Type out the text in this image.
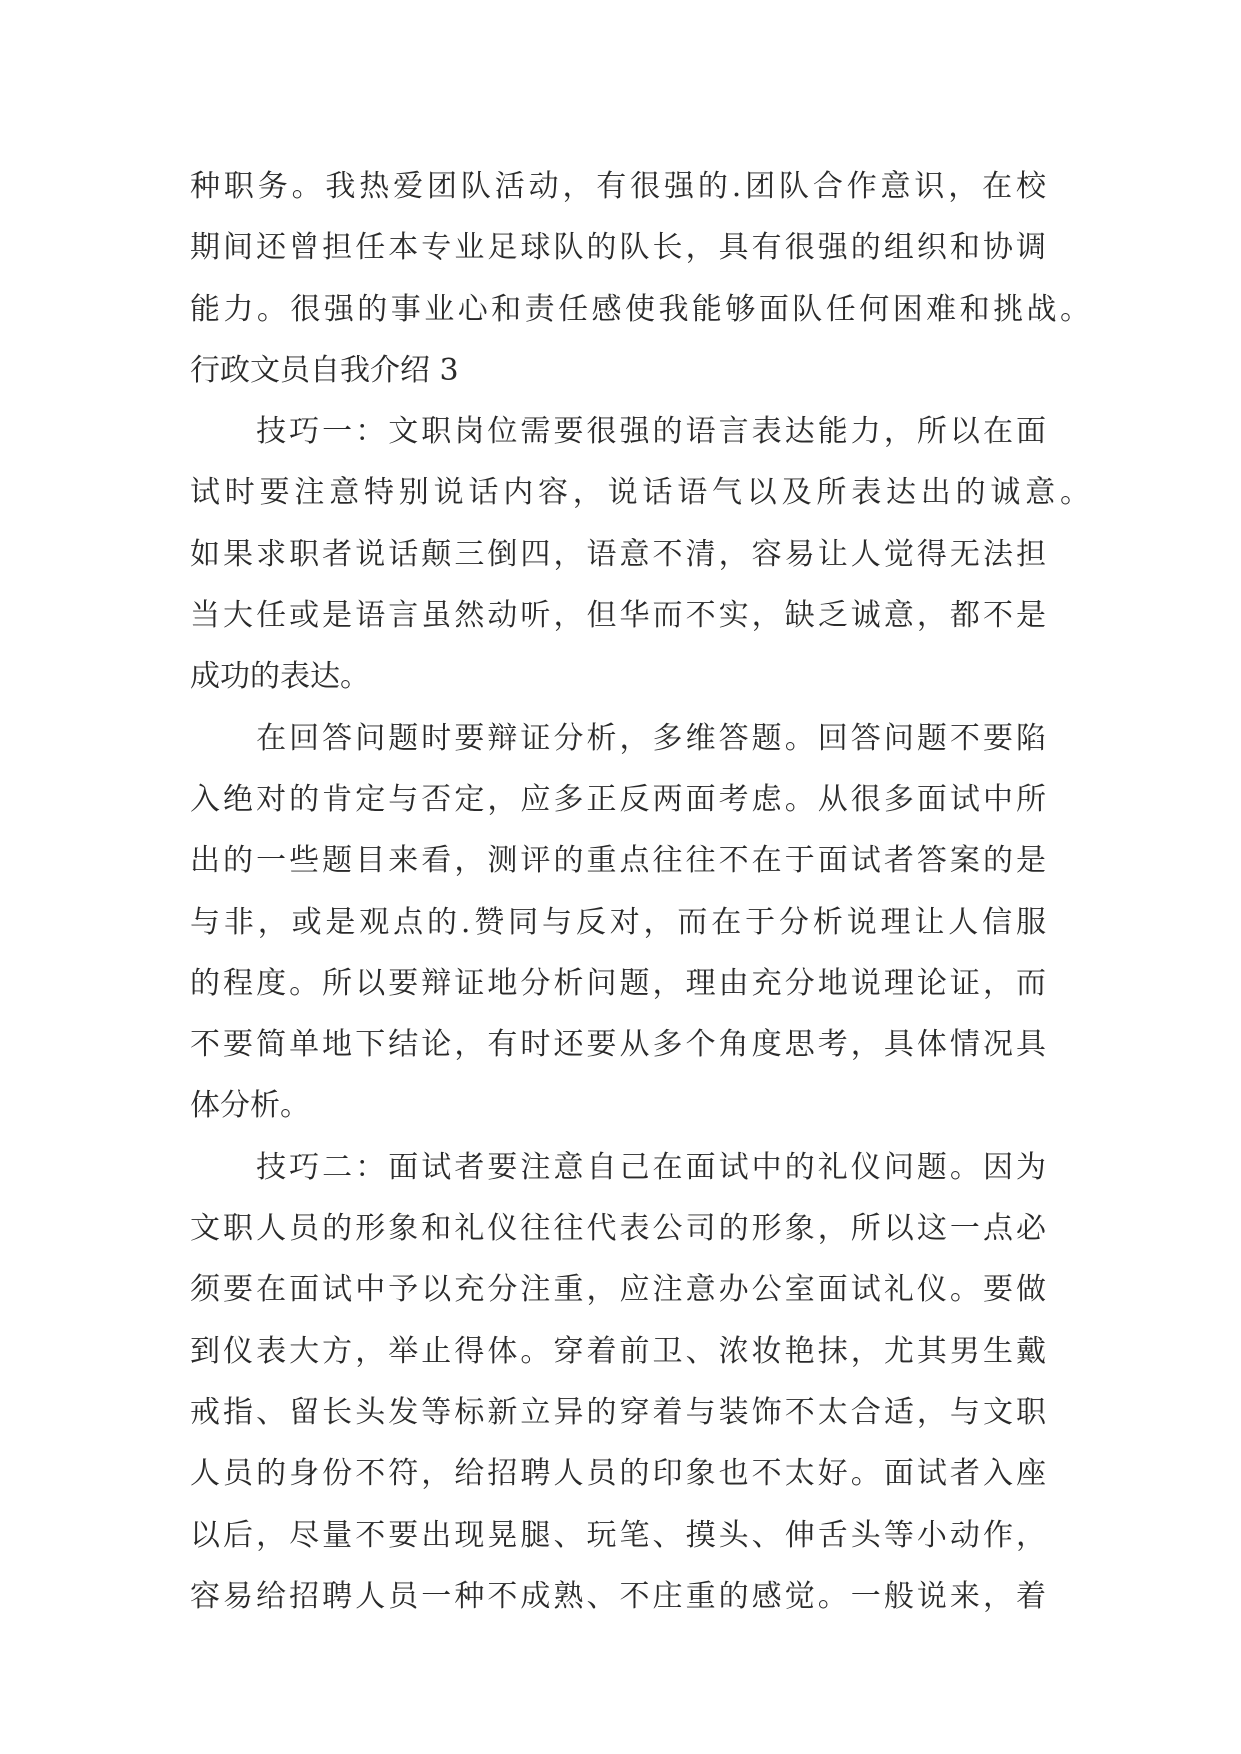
种职务。我热爱团队活动，有很强的.团队合作意识，在校
期间还曾担任本专业足球队的队长，具有很强的组织和协调
能力。很强的事业心和责任感使我能够面队任何困难和挑战。
行政文员自我介绍 3
　　技巧一：文职岗位需要很强的语言表达能力，所以在面
试时要注意特别说话内容，说话语气以及所表达出的诚意。
如果求职者说话颠三倒四，语意不清，容易让人觉得无法担
当大任或是语言虽然动听，但华而不实，缺乏诚意，都不是
成功的表达。
　　在回答问题时要辩证分析，多维答题。回答问题不要陷
入绝对的肯定与否定，应多正反两面考虑。从很多面试中所
出的一些题目来看，测评的重点往往不在于面试者答案的是
与非，或是观点的.赞同与反对，而在于分析说理让人信服
的程度。所以要辩证地分析问题，理由充分地说理论证，而
不要简单地下结论，有时还要从多个角度思考，具体情况具
体分析。
　　技巧二：面试者要注意自己在面试中的礼仪问题。因为
文职人员的形象和礼仪往往代表公司的形象，所以这一点必
须要在面试中予以充分注重，应注意办公室面试礼仪。要做
到仪表大方，举止得体。穿着前卫、浓妆艳抹，尤其男生戴
戒指、留长头发等标新立异的穿着与装饰不太合适，与文职
人员的身份不符，给招聘人员的印象也不太好。面试者入座
以后，尽量不要出现晃腿、玩笔、摸头、伸舌头等小动作，
容易给招聘人员一种不成熟、不庄重的感觉。一般说来，着
